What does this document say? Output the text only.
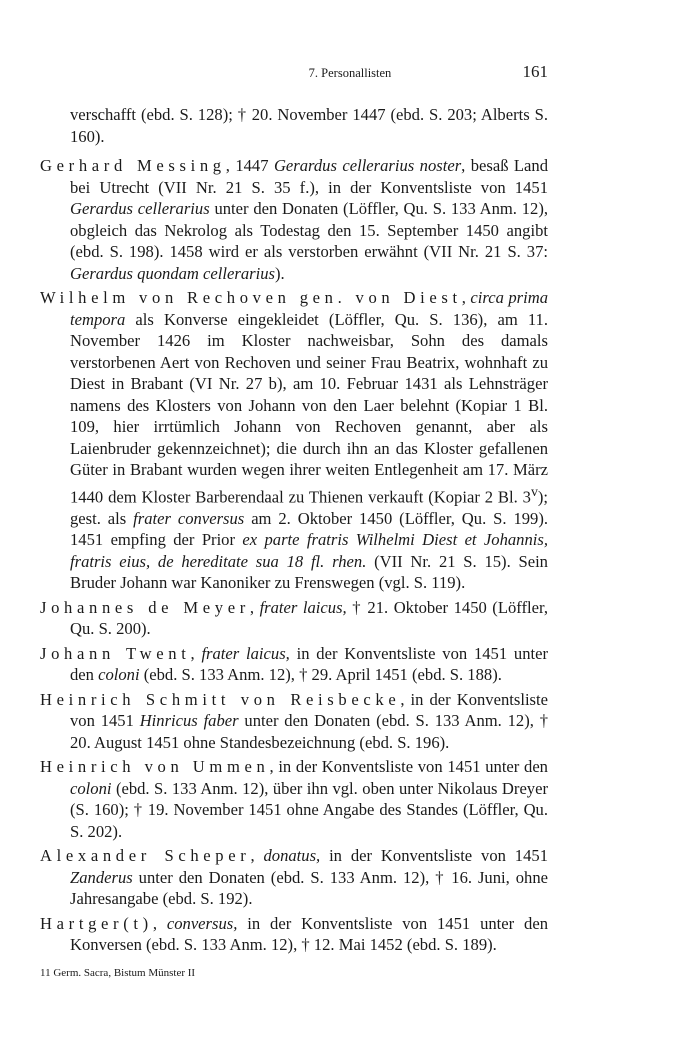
7. Personallisten	161

verschafft (ebd. S. 128); † 20. November 1447 (ebd. S. 203; Alberts S. 160).

Gerhard Messing, 1447 Gerardus cellerarius noster, besaß Land bei Utrecht (VII Nr. 21 S. 35 f.), in der Konventsliste von 1451 Gerardus cellerarius unter den Donaten (Löffler, Qu. S. 133 Anm. 12), obgleich das Nekrolog als Todestag den 15. September 1450 angibt (ebd. S. 198). 1458 wird er als verstorben erwähnt (VII Nr. 21 S. 37: Gerardus quondam cellerarius).

Wilhelm von Rechoven gen. von Diest, circa prima tempora als Konverse eingekleidet (Löffler, Qu. S. 136), am 11. November 1426 im Kloster nachweisbar, Sohn des damals verstorbenen Aert von Rechoven und seiner Frau Beatrix, wohnhaft zu Diest in Brabant (VI Nr. 27 b), am 10. Februar 1431 als Lehnsträger namens des Klosters von Johann von den Laer belehnt (Kopiar 1 Bl. 109, hier irrtümlich Johann von Rechoven genannt, aber als Laienbruder gekennzeichnet); die durch ihn an das Kloster gefallenen Güter in Brabant wurden wegen ihrer weiten Entlegenheit am 17. März 1440 dem Kloster Barberendaal zu Thienen verkauft (Kopiar 2 Bl. 3$^v$); gest. als frater conversus am 2. Oktober 1450 (Löffler, Qu. S. 199). 1451 empfing der Prior ex parte fratris Wilhelmi Diest et Johannis, fratris eius, de hereditate sua 18 fl. rhen. (VII Nr. 21 S. 15). Sein Bruder Johann war Kanoniker zu Frenswegen (vgl. S. 119).

Johannes de Meyer, frater laicus, † 21. Oktober 1450 (Löffler, Qu. S. 200).

Johann Twent, frater laicus, in der Konventsliste von 1451 unter den coloni (ebd. S. 133 Anm. 12), † 29. April 1451 (ebd. S. 188).

Heinrich Schmitt von Reisbecke, in der Konventsliste von 1451 Hinricus faber unter den Donaten (ebd. S. 133 Anm. 12), † 20. August 1451 ohne Standesbezeichnung (ebd. S. 196).

Heinrich von Ummen, in der Konventsliste von 1451 unter den coloni (ebd. S. 133 Anm. 12), über ihn vgl. oben unter Nikolaus Dreyer (S. 160); † 19. November 1451 ohne Angabe des Standes (Löffler, Qu. S. 202).

Alexander Scheper, donatus, in der Konventsliste von 1451 Zanderus unter den Donaten (ebd. S. 133 Anm. 12), † 16. Juni, ohne Jahresangabe (ebd. S. 192).

Hartger(t), conversus, in der Konventsliste von 1451 unter den Konversen (ebd. S. 133 Anm. 12), † 12. Mai 1452 (ebd. S. 189).

11 Germ. Sacra, Bistum Münster II
